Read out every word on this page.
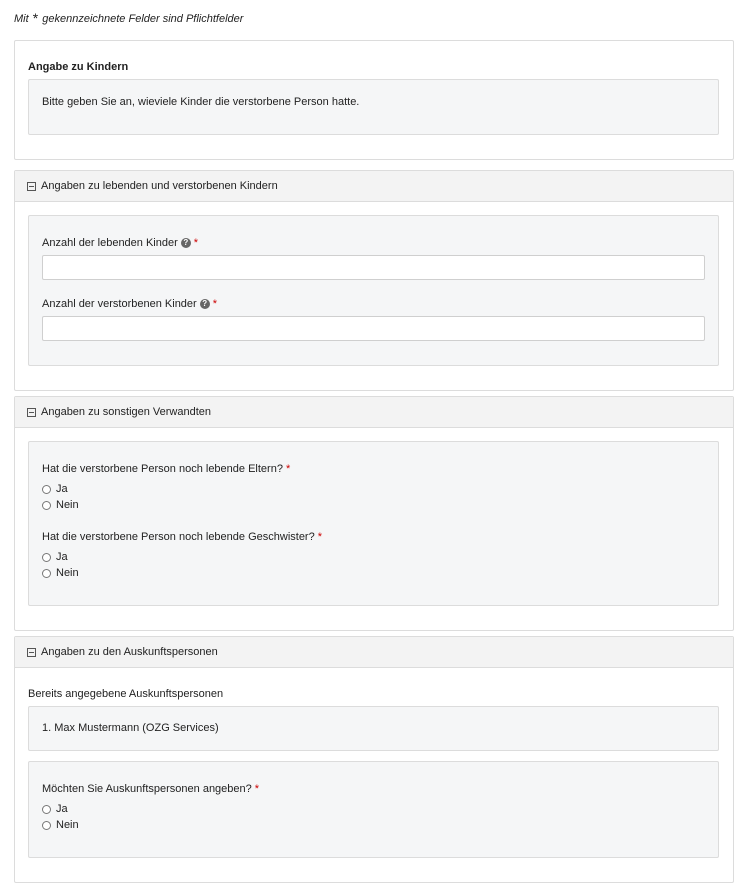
Mit * gekennzeichnete Felder sind Pflichtfelder
Angabe zu Kindern
Bitte geben Sie an, wieviele Kinder die verstorbene Person hatte.
Angaben zu lebenden und verstorbenen Kindern
Anzahl der lebenden Kinder ? *
Anzahl der verstorbenen Kinder ? *
Angaben zu sonstigen Verwandten
Hat die verstorbene Person noch lebende Eltern? *
Ja
Nein
Hat die verstorbene Person noch lebende Geschwister? *
Ja
Nein
Angaben zu den Auskunftspersonen
Bereits angegebene Auskunftspersonen
1. Max Mustermann (OZG Services)
Möchten Sie Auskunftspersonen angeben? *
Ja
Nein
